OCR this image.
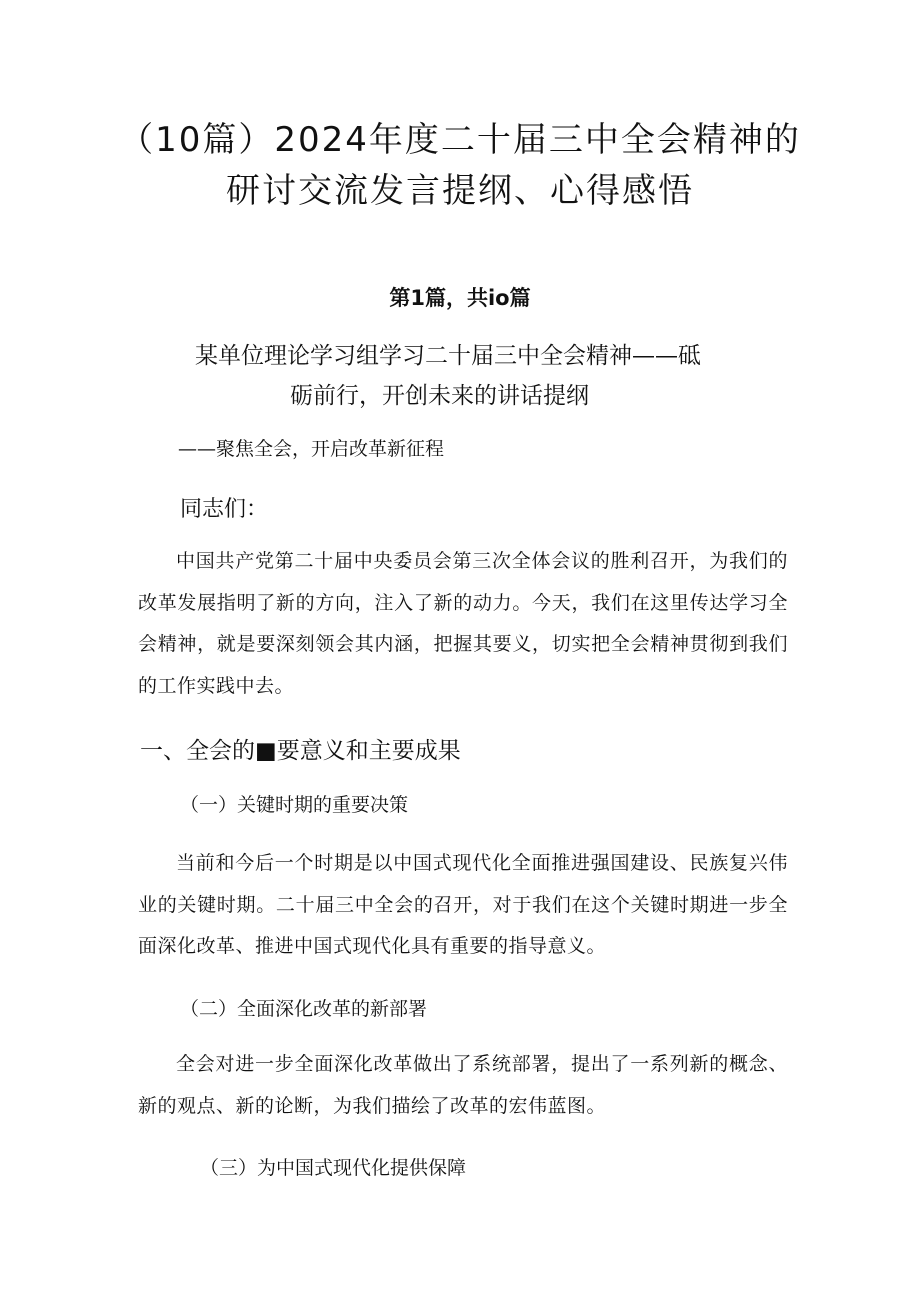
（10篇）2024年度二十届三中全会精神的
研讨交流发言提纲、心得感悟
第1篇，共io篇
某单位理论学习组学习二十届三中全会精神——砥
砺前行，开创未来的讲话提纲
——聚焦全会，开启改革新征程
同志们：
中国共产党第二十届中央委员会第三次全体会议的胜利召开，为我们的改革发展指明了新的方向，注入了新的动力。今天，我们在这里传达学习全会精神，就是要深刻领会其内涵，把握其要义，切实把全会精神贯彻到我们的工作实践中去。
一、全会的■要意义和主要成果
（一）关键时期的重要决策
当前和今后一个时期是以中国式现代化全面推进强国建设、民族复兴伟业的关键时期。二十届三中全会的召开，对于我们在这个关键时期进一步全面深化改革、推进中国式现代化具有重要的指导意义。
（二）全面深化改革的新部署
全会对进一步全面深化改革做出了系统部署，提出了一系列新的概念、新的观点、新的论断，为我们描绘了改革的宏伟蓝图。
（三）为中国式现代化提供保障
